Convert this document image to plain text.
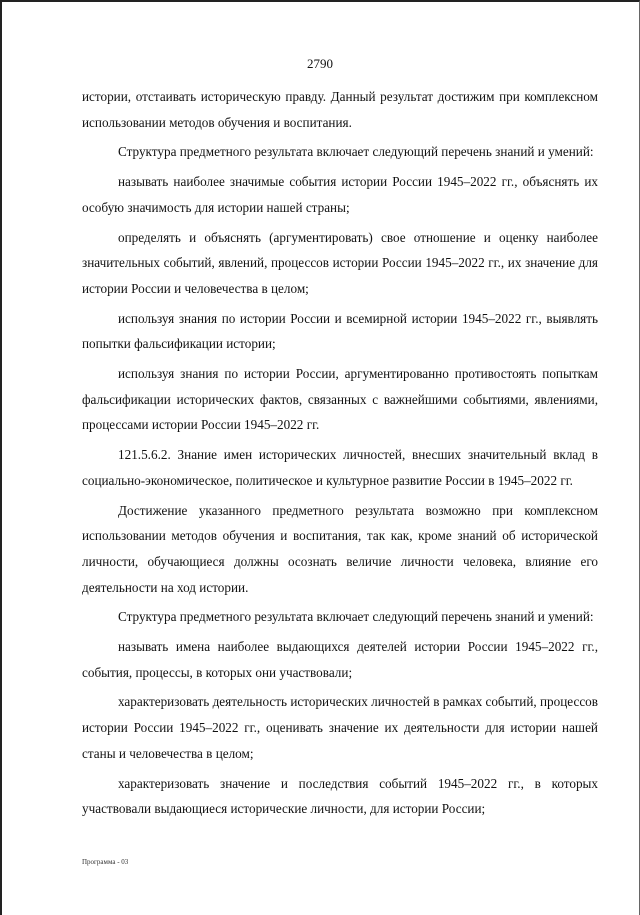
2790

истории, отстаивать историческую правду. Данный результат достижим при комплексном использовании методов обучения и воспитания.

Структура предметного результата включает следующий перечень знаний и умений:

называть наиболее значимые события истории России 1945–2022 гг., объяснять их особую значимость для истории нашей страны;

определять и объяснять (аргументировать) свое отношение и оценку наиболее значительных событий, явлений, процессов истории России 1945–2022 гг., их значение для истории России и человечества в целом;

используя знания по истории России и всемирной истории 1945–2022 гг., выявлять попытки фальсификации истории;

используя знания по истории России, аргументированно противостоять попыткам фальсификации исторических фактов, связанных с важнейшими событиями, явлениями, процессами истории России 1945–2022 гг.

121.5.6.2. Знание имен исторических личностей, внесших значительный вклад в социально-экономическое, политическое и культурное развитие России в 1945–2022 гг.

Достижение указанного предметного результата возможно при комплексном использовании методов обучения и воспитания, так как, кроме знаний об исторической личности, обучающиеся должны осознать величие личности человека, влияние его деятельности на ход истории.

Структура предметного результата включает следующий перечень знаний и умений:

называть имена наиболее выдающихся деятелей истории России 1945–2022 гг., события, процессы, в которых они участвовали;

характеризовать деятельность исторических личностей в рамках событий, процессов истории России 1945–2022 гг., оценивать значение их деятельности для истории нашей станы и человечества в целом;

характеризовать значение и последствия событий 1945–2022 гг., в которых участвовали выдающиеся исторические личности, для истории России;

Программа - 03
